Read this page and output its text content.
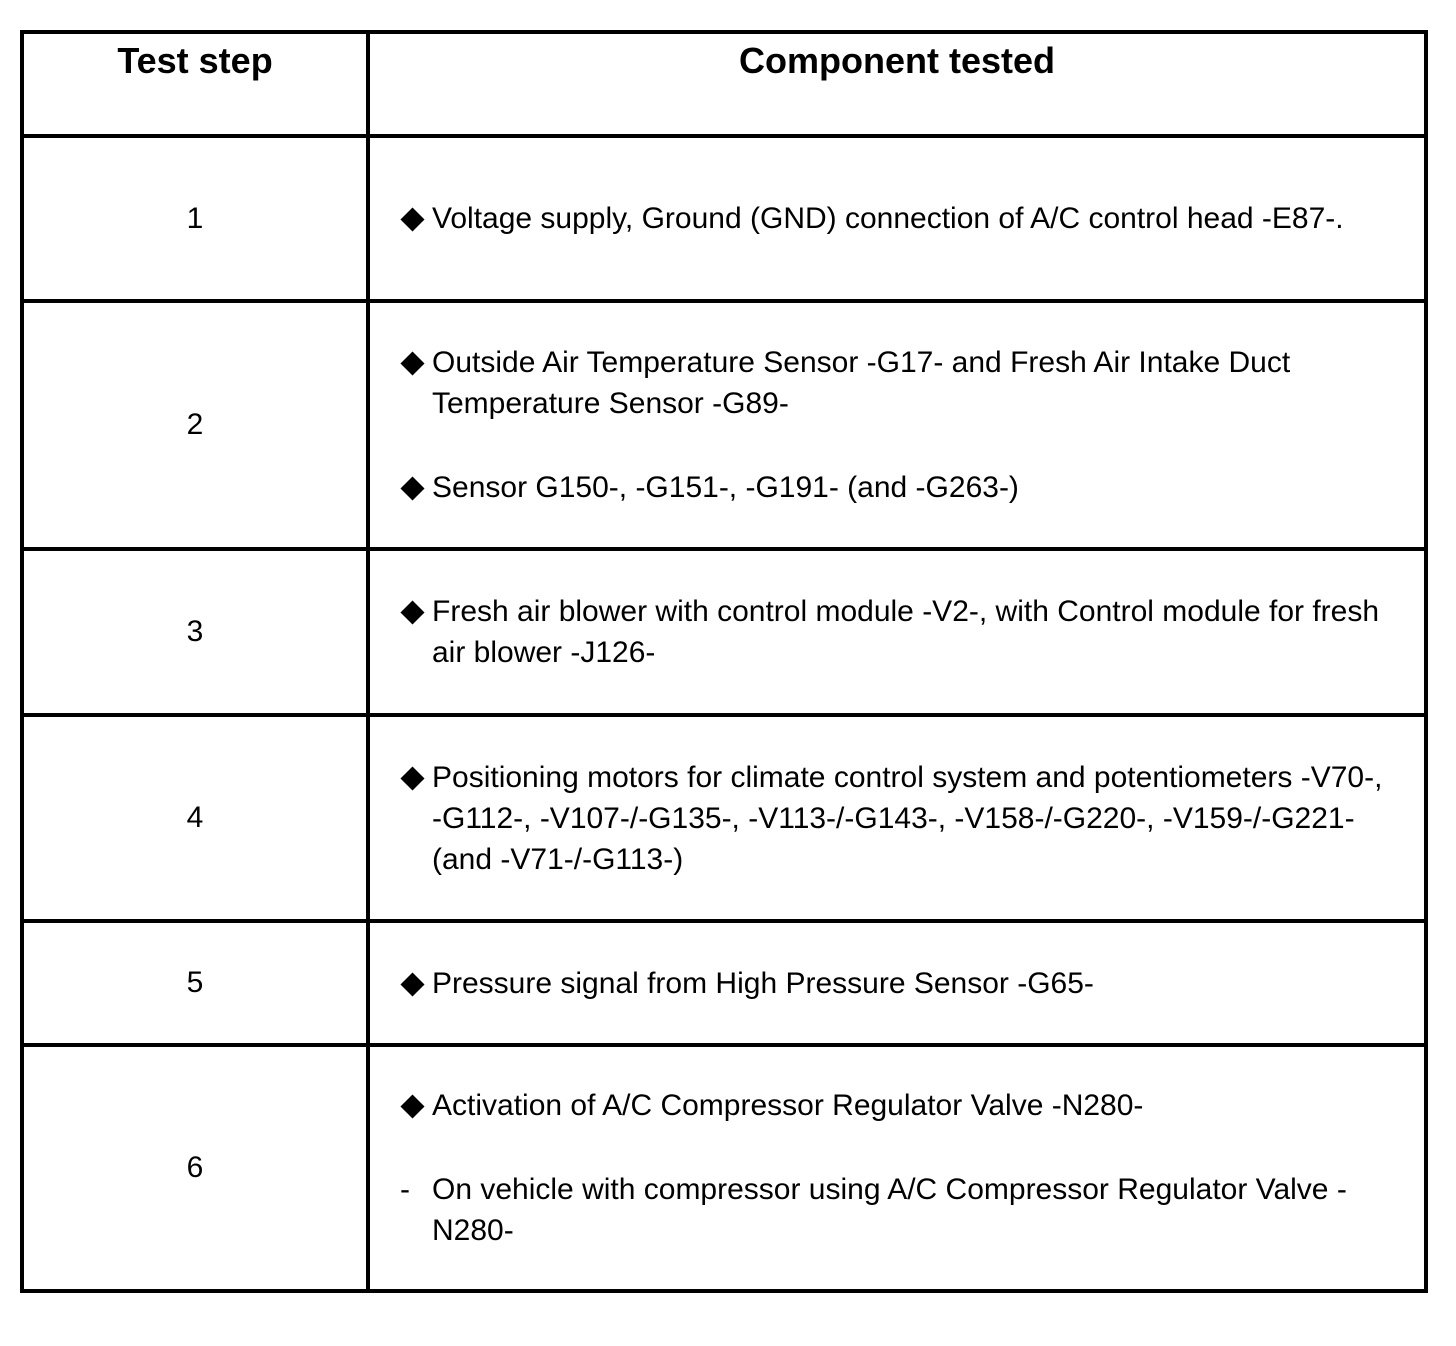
Test step	Component tested
1	Voltage supply, Ground (GND) connection of A/C control head -E87-.

2	Outside Air Temperature Sensor -G17- and Fresh Air Intake Duct Temperature Sensor -G89-
Sensor G150-, -G151-, -G191- (and -G263-)

3	Fresh air blower with control module -V2-, with Control module for fresh air blower -J126-

4	Positioning motors for climate control system and potentiometers -V70-, -G112-, -V107-/-G135-, -V113-/-G143-, -V158-/-G220-, -V159-/-G221- (and -V71-/-G113-)

5	Pressure signal from High Pressure Sensor -G65-

6	Activation of A/C Compressor Regulator Valve -N280-
- On vehicle with compressor using A/C Compressor Regulator Valve -N280-
